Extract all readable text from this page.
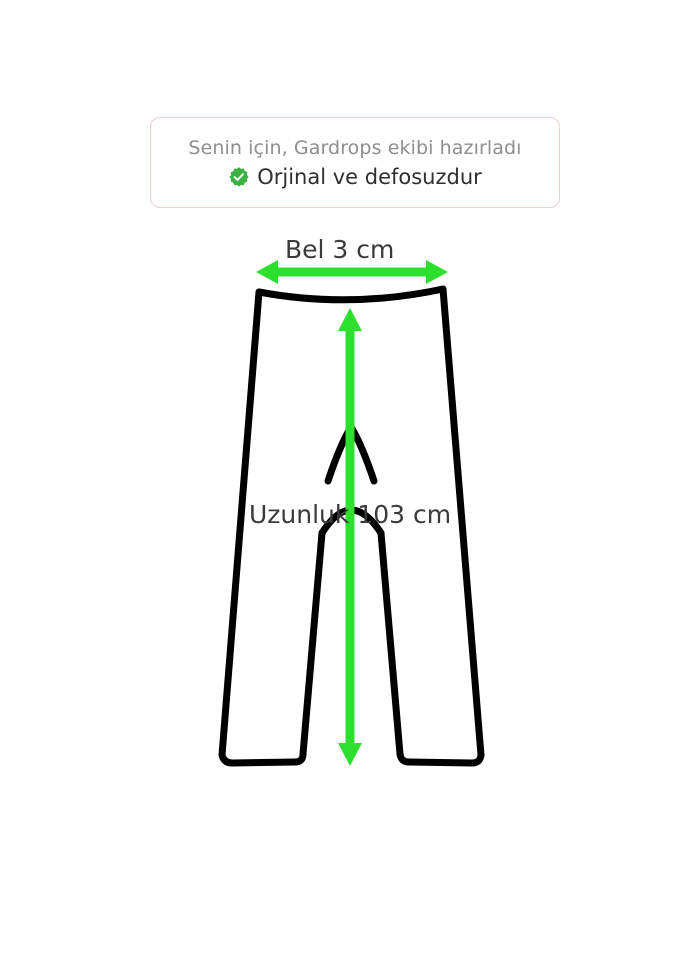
Senin için, Gardrops ekibi hazırladı
Orjinal ve defosuzdur
Bel 3 cm
Uzunluk 103 cm
